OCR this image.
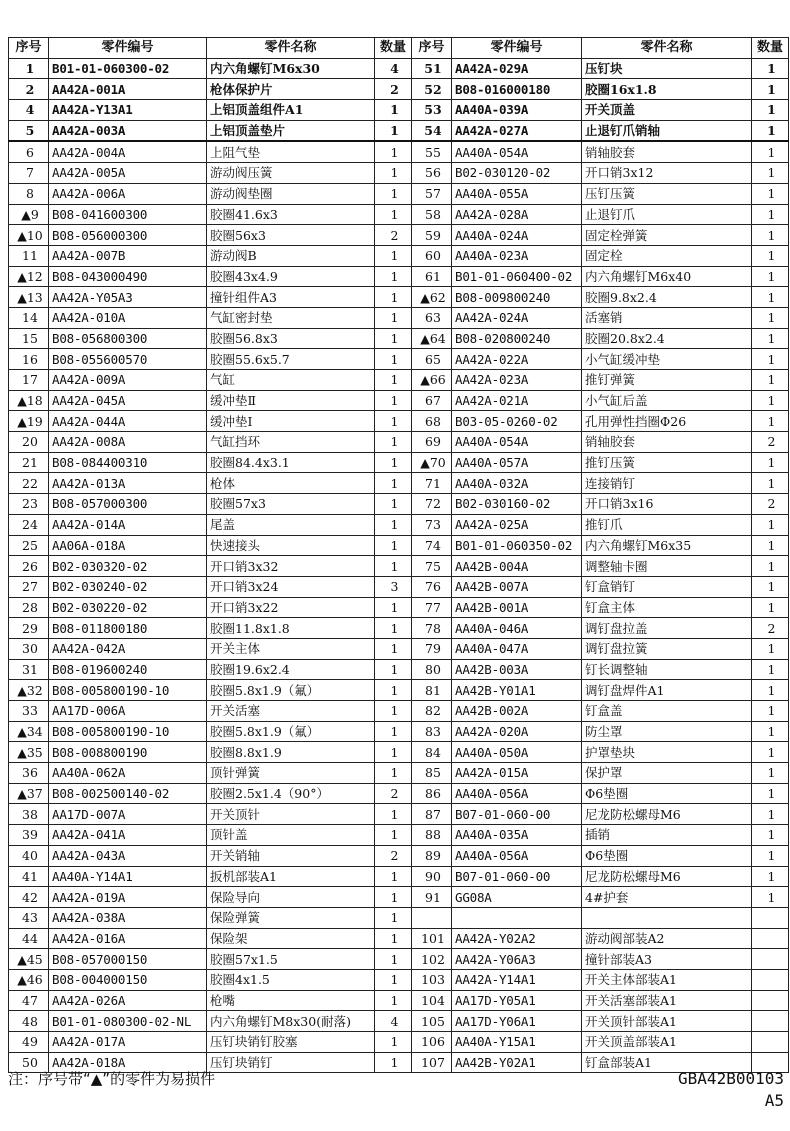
序号	零件编号	零件名称	数量	序号	零件编号	零件名称	数量
1	B01-01-060300-02	内六角螺钉M6x30	4	51	AA42A-029A	压钉块	1
2	AA42A-001A	枪体保护片	2	52	B08-016000180	胶圈16x1.8	1
4	AA42A-Y13A1	上铝顶盖组件A1	1	53	AA40A-039A	开关顶盖	1
5	AA42A-003A	上铝顶盖垫片	1	54	AA42A-027A	止退钉爪销轴	1
6	AA42A-004A	上阻气垫	1	55	AA40A-054A	销轴胶套	1
7	AA42A-005A	游动阀压簧	1	56	B02-030120-02	开口销3x12	1
8	AA42A-006A	游动阀垫圈	1	57	AA40A-055A	压钉压簧	1
▲9	B08-041600300	胶圈41.6x3	1	58	AA42A-028A	止退钉爪	1
▲10	B08-056000300	胶圈56x3	2	59	AA40A-024A	固定栓弹簧	1
11	AA42A-007B	游动阀B	1	60	AA40A-023A	固定栓	1
▲12	B08-043000490	胶圈43x4.9	1	61	B01-01-060400-02	内六角螺钉M6x40	1
▲13	AA42A-Y05A3	撞针组件A3	1	▲62	B08-009800240	胶圈9.8x2.4	1
14	AA42A-010A	气缸密封垫	1	63	AA42A-024A	活塞销	1
15	B08-056800300	胶圈56.8x3	1	▲64	B08-020800240	胶圈20.8x2.4	1
16	B08-055600570	胶圈55.6x5.7	1	65	AA42A-022A	小气缸缓冲垫	1
17	AA42A-009A	气缸	1	▲66	AA42A-023A	推钉弹簧	1
▲18	AA42A-045A	缓冲垫Ⅱ	1	67	AA42A-021A	小气缸后盖	1
▲19	AA42A-044A	缓冲垫Ⅰ	1	68	B03-05-0260-02	孔用弹性挡圈Φ26	1
20	AA42A-008A	气缸挡环	1	69	AA40A-054A	销轴胶套	2
21	B08-084400310	胶圈84.4x3.1	1	▲70	AA40A-057A	推钉压簧	1
22	AA42A-013A	枪体	1	71	AA40A-032A	连接销钉	1
23	B08-057000300	胶圈57x3	1	72	B02-030160-02	开口销3x16	2
24	AA42A-014A	尾盖	1	73	AA42A-025A	推钉爪	1
25	AA06A-018A	快速接头	1	74	B01-01-060350-02	内六角螺钉M6x35	1
26	B02-030320-02	开口销3x32	1	75	AA42B-004A	调整轴卡圈	1
27	B02-030240-02	开口销3x24	3	76	AA42B-007A	钉盒销钉	1
28	B02-030220-02	开口销3x22	1	77	AA42B-001A	钉盒主体	1
29	B08-011800180	胶圈11.8x1.8	1	78	AA40A-046A	调钉盘拉盖	2
30	AA42A-042A	开关主体	1	79	AA40A-047A	调钉盘拉簧	1
31	B08-019600240	胶圈19.6x2.4	1	80	AA42B-003A	钉长调整轴	1
▲32	B08-005800190-10	胶圈5.8x1.9（氟）	1	81	AA42B-Y01A1	调钉盘焊件A1	1
33	AA17D-006A	开关活塞	1	82	AA42B-002A	钉盒盖	1
▲34	B08-005800190-10	胶圈5.8x1.9（氟）	1	83	AA42A-020A	防尘罩	1
▲35	B08-008800190	胶圈8.8x1.9	1	84	AA40A-050A	护罩垫块	1
36	AA40A-062A	顶针弹簧	1	85	AA42A-015A	保护罩	1
▲37	B08-002500140-02	胶圈2.5x1.4（90°）	2	86	AA40A-056A	Φ6垫圈	1
38	AA17D-007A	开关顶针	1	87	B07-01-060-00	尼龙防松螺母M6	1
39	AA42A-041A	顶针盖	1	88	AA40A-035A	插销	1
40	AA42A-043A	开关销轴	2	89	AA40A-056A	Φ6垫圈	1
41	AA40A-Y14A1	扳机部装A1	1	90	B07-01-060-00	尼龙防松螺母M6	1
42	AA42A-019A	保险导向	1	91	GG08A	4#护套	1
43	AA42A-038A	保险弹簧	1				
44	AA42A-016A	保险架	1	101	AA42A-Y02A2	游动阀部装A2	
▲45	B08-057000150	胶圈57x1.5	1	102	AA42A-Y06A3	撞针部装A3	
▲46	B08-004000150	胶圈4x1.5	1	103	AA42A-Y14A1	开关主体部装A1	
47	AA42A-026A	枪嘴	1	104	AA17D-Y05A1	开关活塞部装A1	
48	B01-01-080300-02-NL	内六角螺钉M8x30(耐落)	4	105	AA17D-Y06A1	开关顶针部装A1	
49	AA42A-017A	压钉块销钉胶塞	1	106	AA40A-Y15A1	开关顶盖部装A1	
50	AA42A-018A	压钉块销钉	1	107	AA42B-Y02A1	钉盒部装A1	
注：序号带“▲”的零件为易损件	GBA42B00103
A5
